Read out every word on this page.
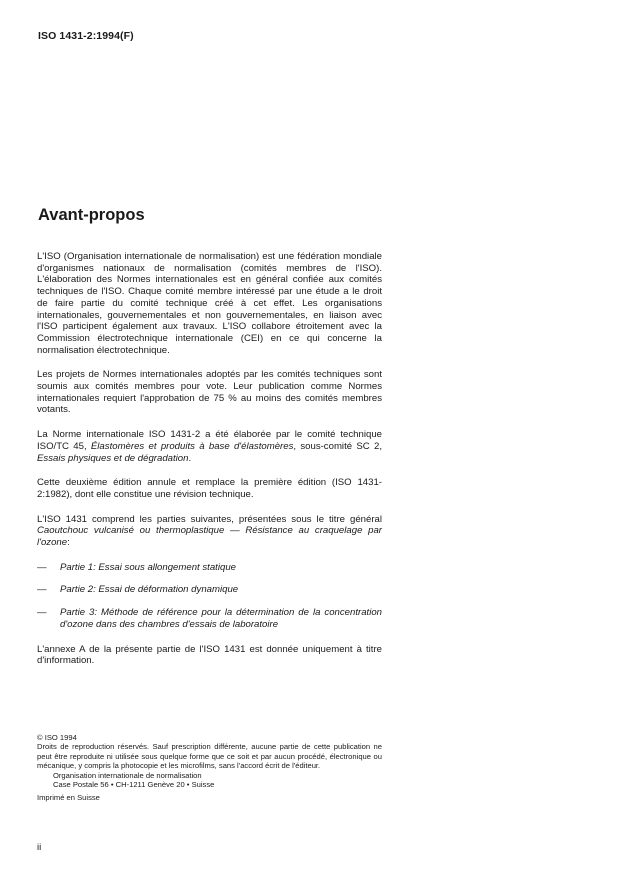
ISO 1431-2:1994(F)
Avant-propos

L'ISO (Organisation internationale de normalisation) est une fédération mondiale d'organismes nationaux de normalisation (comités membres de l'ISO). L'élaboration des Normes internationales est en général confiée aux comités techniques de l'ISO. Chaque comité membre intéressé par une étude a le droit de faire partie du comité technique créé à cet effet. Les organisations internationales, gouvernementales et non gouvernementales, en liaison avec l'ISO participent également aux travaux. L'ISO collabore étroitement avec la Commission électrotechnique internationale (CEI) en ce qui concerne la normalisation électrotechnique.

Les projets de Normes internationales adoptés par les comités techniques sont soumis aux comités membres pour vote. Leur publication comme Normes internationales requiert l'approbation de 75 % au moins des comités membres votants.

La Norme internationale ISO 1431-2 a été élaborée par le comité technique ISO/TC 45, Élastomères et produits à base d'élastomères, sous-comité SC 2, Essais physiques et de dégradation.

Cette deuxième édition annule et remplace la première édition (ISO 1431-2:1982), dont elle constitue une révision technique.

L'ISO 1431 comprend les parties suivantes, présentées sous le titre général Caoutchouc vulcanisé ou thermoplastique — Résistance au craquelage par l'ozone:

— Partie 1: Essai sous allongement statique
— Partie 2: Essai de déformation dynamique
— Partie 3: Méthode de référence pour la détermination de la concentration d'ozone dans des chambres d'essais de laboratoire

L'annexe A de la présente partie de l'ISO 1431 est donnée uniquement à titre d'information.

© ISO 1994
Droits de reproduction réservés. Sauf prescription différente, aucune partie de cette publication ne peut être reproduite ni utilisée sous quelque forme que ce soit et par aucun procédé, électronique ou mécanique, y compris la photocopie et les microfilms, sans l'accord écrit de l'éditeur.
Organisation internationale de normalisation
Case Postale 56 • CH-1211 Genève 20 • Suisse
Imprimé en Suisse
ii
